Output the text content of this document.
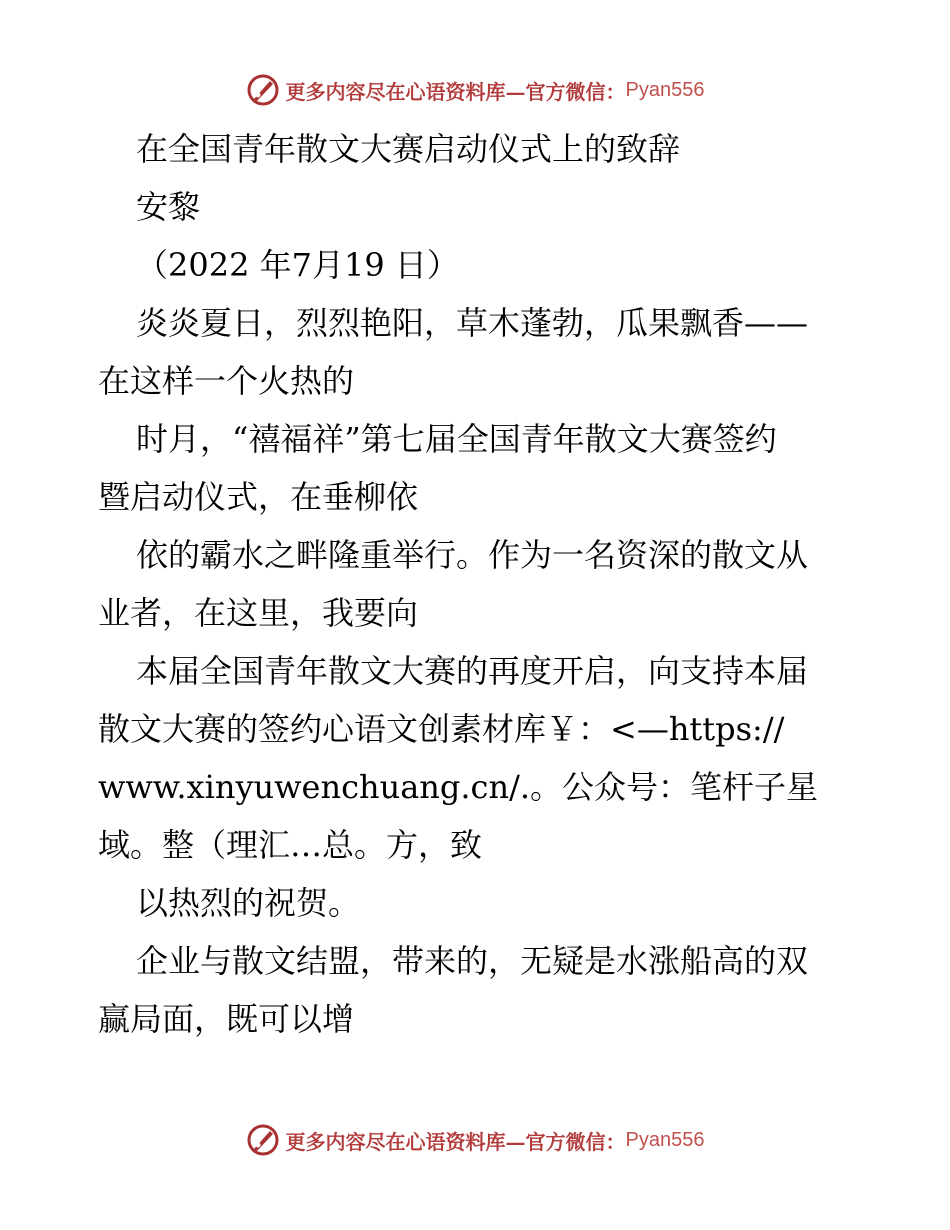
更多内容尽在心语资料库—官方微信： Pyan556
在全国青年散文大赛启动仪式上的致辞
安黎
（2022 年7月19 日）
炎炎夏日，烈烈艳阳，草木蓬勃，瓜果飘香——
在这样一个火热的
时月，“禧福祥”第七届全国青年散文大赛签约
暨启动仪式，在垂柳依
依的霸水之畔隆重举行。作为一名资深的散文从
业者，在这里，我要向
本届全国青年散文大赛的再度开启，向支持本届
散文大赛的签约心语文创素材库￥：<—https://
www.xinyuwenchuang.cn/.。公众号：笔杆子星
域。整（理汇…总。方，致
以热烈的祝贺。
企业与散文结盟，带来的，无疑是水涨船高的双
赢局面，既可以增
更多内容尽在心语资料库—官方微信： Pyan556
